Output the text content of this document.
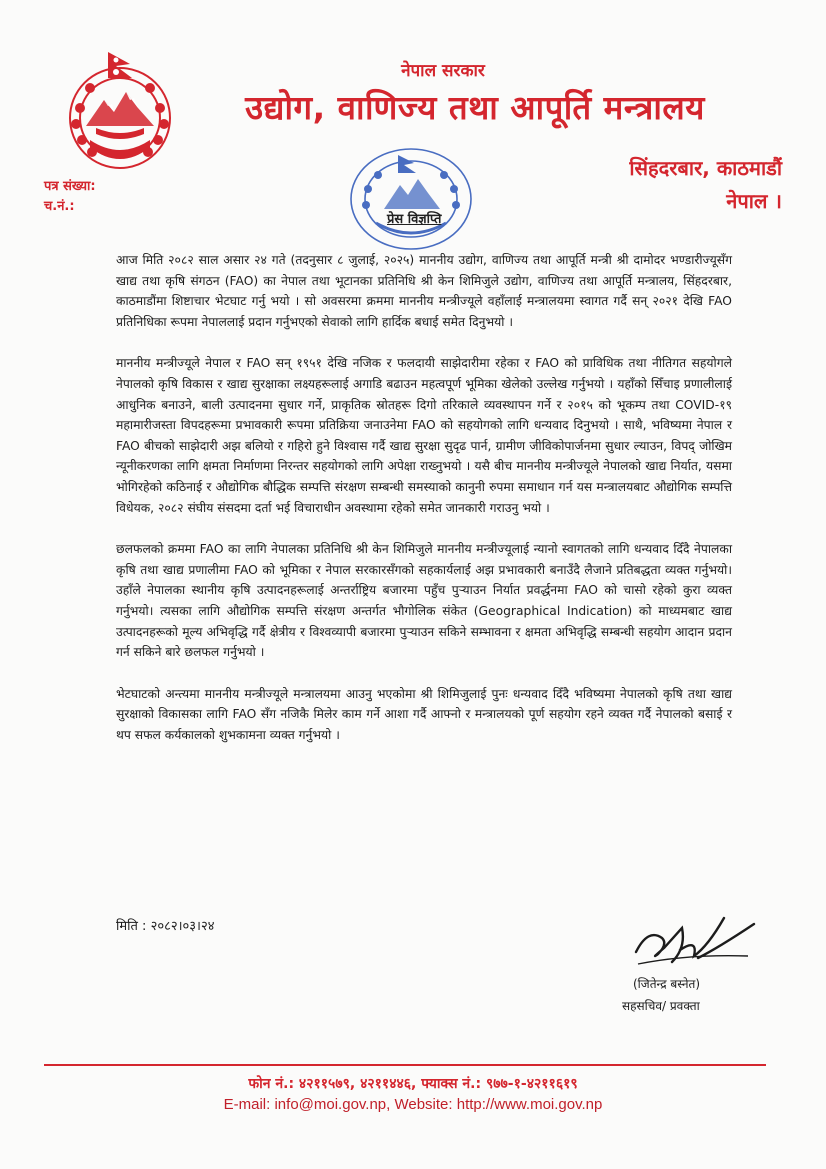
नेपाल सरकार
उद्योग, वाणिज्य तथा आपूर्ति मन्त्रालय
सिंहदरबार, काठमाडौं
नेपाल ।
पत्र संख्या:
च.नं.:
प्रेस विज्ञप्ति

आज मिति २०८२ साल असार २४ गते (तदनुसार ८ जुलाई, २०२५) माननीय उद्योग, वाणिज्य तथा आपूर्ति मन्त्री श्री दामोदर भण्डारीज्यूसँग खाद्य तथा कृषि संगठन (FAO) का नेपाल तथा भूटानका प्रतिनिधि श्री केन शिमिजुले उद्योग, वाणिज्य तथा आपूर्ति मन्त्रालय, सिंहदरबार, काठमाडौंमा शिष्टाचार भेटघाट गर्नु भयो । सो अवसरमा क्रममा माननीय मन्त्रीज्यूले वहाँलाई मन्त्रालयमा स्वागत गर्दै सन् २०२१ देखि FAO प्रतिनिधिका रूपमा नेपाललाई प्रदान गर्नुभएको सेवाको लागि हार्दिक बधाई समेत दिनुभयो ।

माननीय मन्त्रीज्यूले नेपाल र FAO सन् १९५१ देखि नजिक र फलदायी साझेदारीमा रहेका र FAO को प्राविधिक तथा नीतिगत सहयोगले नेपालको कृषि विकास र खाद्य सुरक्षाका लक्ष्यहरूलाई अगाडि बढाउन महत्वपूर्ण भूमिका खेलेको उल्लेख गर्नुभयो । यहाँको सिँचाइ प्रणालीलाई आधुनिक बनाउने, बाली उत्पादनमा सुधार गर्ने, प्राकृतिक स्रोतहरू दिगो तरिकाले व्यवस्थापन गर्ने र २०१५ को भूकम्प तथा COVID-१९ महामारीजस्ता विपदहरूमा प्रभावकारी रूपमा प्रतिक्रिया जनाउनेमा FAO को सहयोगको लागि धन्यवाद दिनुभयो । साथै, भविष्यमा नेपाल र FAO बीचको साझेदारी अझ बलियो र गहिरो हुने विश्वास गर्दै खाद्य सुरक्षा सुदृढ पार्न, ग्रामीण जीविकोपार्जनमा सुधार ल्याउन, विपद् जोखिम न्यूनीकरणका लागि क्षमता निर्माणमा निरन्तर सहयोगको लागि अपेक्षा राख्नुभयो । यसै बीच माननीय मन्त्रीज्यूले नेपालको खाद्य निर्यात, यसमा भोगिरहेको कठिनाई र औद्योगिक बौद्धिक सम्पत्ति संरक्षण सम्बन्धी समस्याको कानुनी रुपमा समाधान गर्न यस मन्त्रालयबाट औद्योगिक सम्पत्ति विधेयक, २०८२ संघीय संसदमा दर्ता भई विचाराधीन अवस्थामा रहेको समेत जानकारी गराउनु भयो ।

छलफलको क्रममा FAO का लागि नेपालका प्रतिनिधि श्री केन शिमिजुले माननीय मन्त्रीज्यूलाई न्यानो स्वागतको लागि धन्यवाद दिँदै नेपालका कृषि तथा खाद्य प्रणालीमा FAO को भूमिका र नेपाल सरकारसँगको सहकार्यलाई अझ प्रभावकारी बनाउँदै लैजाने प्रतिबद्धता व्यक्त गर्नुभयो। उहाँले नेपालका स्थानीय कृषि उत्पादनहरूलाई अन्तर्राष्ट्रिय बजारमा पहुँच पुर्‍याउन निर्यात प्रवर्द्धनमा FAO को चासो रहेको कुरा व्यक्त गर्नुभयो। त्यसका लागि औद्योगिक सम्पत्ति संरक्षण अन्तर्गत भौगोलिक संकेत (Geographical Indication) को माध्यमबाट खाद्य उत्पादनहरूको मूल्य अभिवृद्धि गर्दै क्षेत्रीय र विश्वव्यापी बजारमा पुर्‍याउन सकिने सम्भावना र क्षमता अभिवृद्धि सम्बन्धी सहयोग आदान प्रदान गर्न सकिने बारे छलफल गर्नुभयो ।

भेटघाटको अन्त्यमा माननीय मन्त्रीज्यूले मन्त्रालयमा आउनु भएकोमा श्री शिमिजुलाई पुनः धन्यवाद दिँदै भविष्यमा नेपालको कृषि तथा खाद्य सुरक्षाको विकासका लागि FAO सँग नजिकै मिलेर काम गर्ने आशा गर्दै आफ्नो र मन्त्रालयको पूर्ण सहयोग रहने व्यक्त गर्दै नेपालको बसाई र थप सफल कर्यकालको शुभकामना व्यक्त गर्नुभयो ।

मिति : २०८२।०३।२४
(जितेन्द्र बस्नेत)
सहसचिव/ प्रवक्ता
फोन नं.: ४२११५७९, ४२११४४६, फ्याक्स नं.: ९७७-१-४२११६१९
E-mail: info@moi.gov.np, Website: http://www.moi.gov.np
